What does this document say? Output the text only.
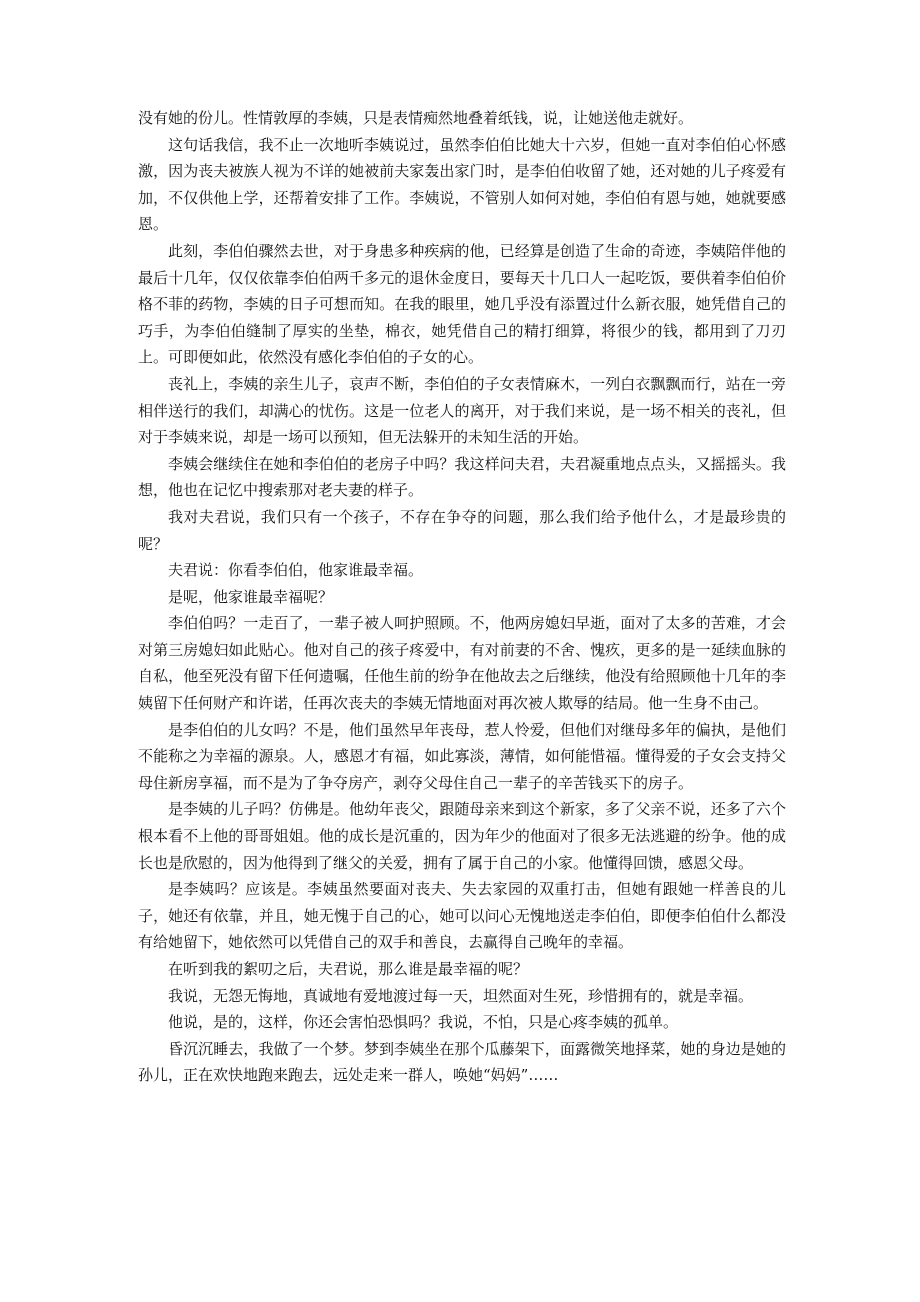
没有她的份儿。性情敦厚的李姨，只是表情痴然地叠着纸钱，说，让她送他走就好。

这句话我信，我不止一次地听李姨说过，虽然李伯伯比她大十六岁，但她一直对李伯伯心怀感激，因为丧夫被族人视为不详的她被前夫家轰出家门时，是李伯伯收留了她，还对她的儿子疼爱有加，不仅供他上学，还帮着安排了工作。李姨说，不管别人如何对她，李伯伯有恩与她，她就要感恩。

此刻，李伯伯骤然去世，对于身患多种疾病的他，已经算是创造了生命的奇迹，李姨陪伴他的最后十几年，仅仅依靠李伯伯两千多元的退休金度日，要每天十几口人一起吃饭，要供着李伯伯价格不菲的药物，李姨的日子可想而知。在我的眼里，她几乎没有添置过什么新衣服，她凭借自己的巧手，为李伯伯缝制了厚实的坐垫，棉衣，她凭借自己的精打细算，将很少的钱，都用到了刀刃上。可即便如此，依然没有感化李伯伯的子女的心。

丧礼上，李姨的亲生儿子，哀声不断，李伯伯的子女表情麻木，一列白衣飘飘而行，站在一旁相伴送行的我们，却满心的忧伤。这是一位老人的离开，对于我们来说，是一场不相关的丧礼，但对于李姨来说，却是一场可以预知，但无法躲开的未知生活的开始。

李姨会继续住在她和李伯伯的老房子中吗？我这样问夫君，夫君凝重地点点头，又摇摇头。我想，他也在记忆中搜索那对老夫妻的样子。

我对夫君说，我们只有一个孩子，不存在争夺的问题，那么我们给予他什么，才是最珍贵的呢？

夫君说：你看李伯伯，他家谁最幸福。

是呢，他家谁最幸福呢？

李伯伯吗？一走百了，一辈子被人呵护照顾。不，他两房媳妇早逝，面对了太多的苦难，才会对第三房媳妇如此贴心。他对自己的孩子疼爱中，有对前妻的不舍、愧疚，更多的是一延续血脉的自私，他至死没有留下任何遗嘱，任他生前的纷争在他故去之后继续，他没有给照顾他十几年的李姨留下任何财产和许诺，任再次丧夫的李姨无情地面对再次被人欺辱的结局。他一生身不由己。

是李伯伯的儿女吗？不是，他们虽然早年丧母，惹人怜爱，但他们对继母多年的偏执，是他们不能称之为幸福的源泉。人，感恩才有福，如此寡淡，薄情，如何能惜福。懂得爱的子女会支持父母住新房享福，而不是为了争夺房产，剥夺父母住自己一辈子的辛苦钱买下的房子。

是李姨的儿子吗？仿佛是。他幼年丧父，跟随母亲来到这个新家，多了父亲不说，还多了六个根本看不上他的哥哥姐姐。他的成长是沉重的，因为年少的他面对了很多无法逃避的纷争。他的成长也是欣慰的，因为他得到了继父的关爱，拥有了属于自己的小家。他懂得回馈，感恩父母。

是李姨吗？应该是。李姨虽然要面对丧夫、失去家园的双重打击，但她有跟她一样善良的儿子，她还有依靠，并且，她无愧于自己的心，她可以问心无愧地送走李伯伯，即便李伯伯什么都没有给她留下，她依然可以凭借自己的双手和善良，去赢得自己晚年的幸福。

在听到我的絮叨之后，夫君说，那么谁是最幸福的呢？

我说，无怨无悔地，真诚地有爱地渡过每一天，坦然面对生死，珍惜拥有的，就是幸福。

他说，是的，这样，你还会害怕恐惧吗？我说，不怕，只是心疼李姨的孤单。

昏沉沉睡去，我做了一个梦。梦到李姨坐在那个瓜藤架下，面露微笑地择菜，她的身边是她的孙儿，正在欢快地跑来跑去，远处走来一群人，唤她“妈妈”……
